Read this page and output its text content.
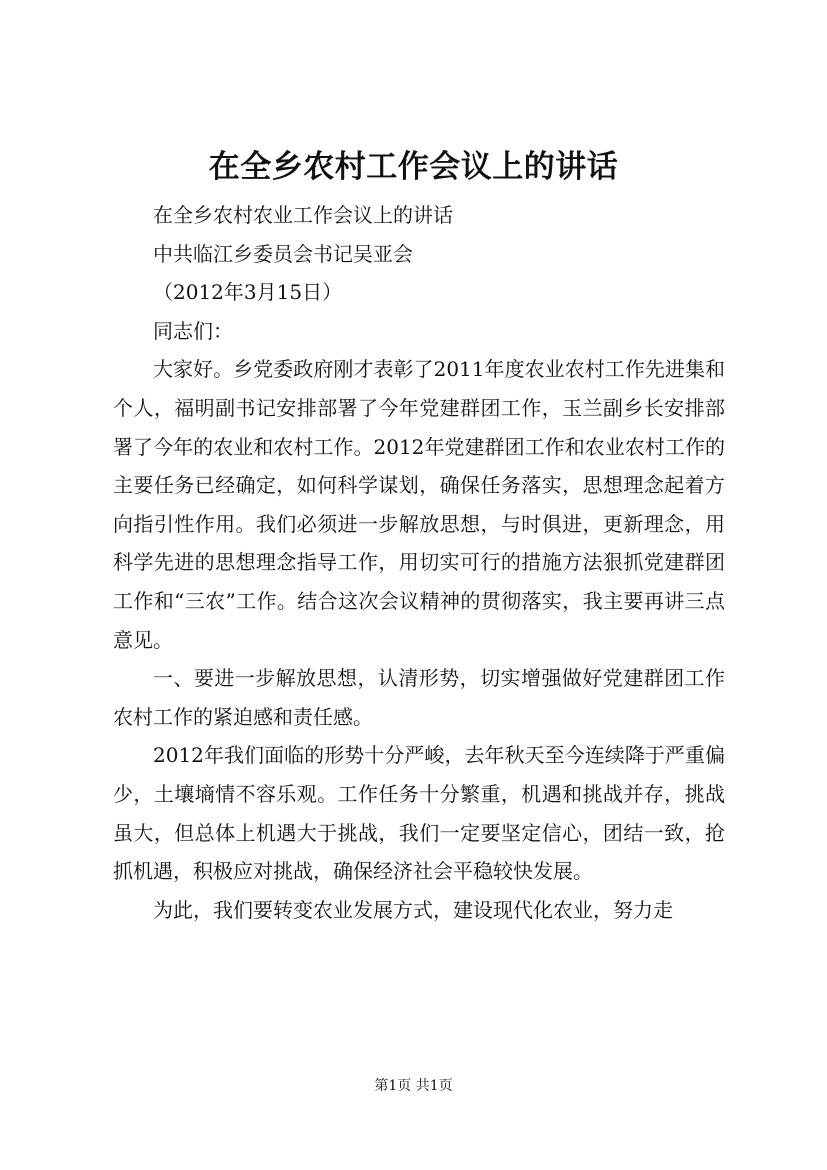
在全乡农村工作会议上的讲话

在全乡农村农业工作会议上的讲话

中共临江乡委员会书记吴亚会

（2012年3月15日）

同志们：

大家好。乡党委政府刚才表彰了2011年度农业农村工作先进集和个人，福明副书记安排部署了今年党建群团工作，玉兰副乡长安排部署了今年的农业和农村工作。2012年党建群团工作和农业农村工作的主要任务已经确定，如何科学谋划，确保任务落实，思想理念起着方向指引性作用。我们必须进一步解放思想，与时俱进，更新理念，用科学先进的思想理念指导工作，用切实可行的措施方法狠抓党建群团工作和“三农”工作。结合这次会议精神的贯彻落实，我主要再讲三点意见。

一、要进一步解放思想，认清形势，切实增强做好党建群团工作农村工作的紧迫感和责任感。

2012年我们面临的形势十分严峻，去年秋天至今连续降于严重偏少，土壤墒情不容乐观。工作任务十分繁重，机遇和挑战并存，挑战虽大，但总体上机遇大于挑战，我们一定要坚定信心，团结一致，抢抓机遇，积极应对挑战，确保经济社会平稳较快发展。

为此，我们要转变农业发展方式，建设现代化农业，努力走

第1页 共1页
